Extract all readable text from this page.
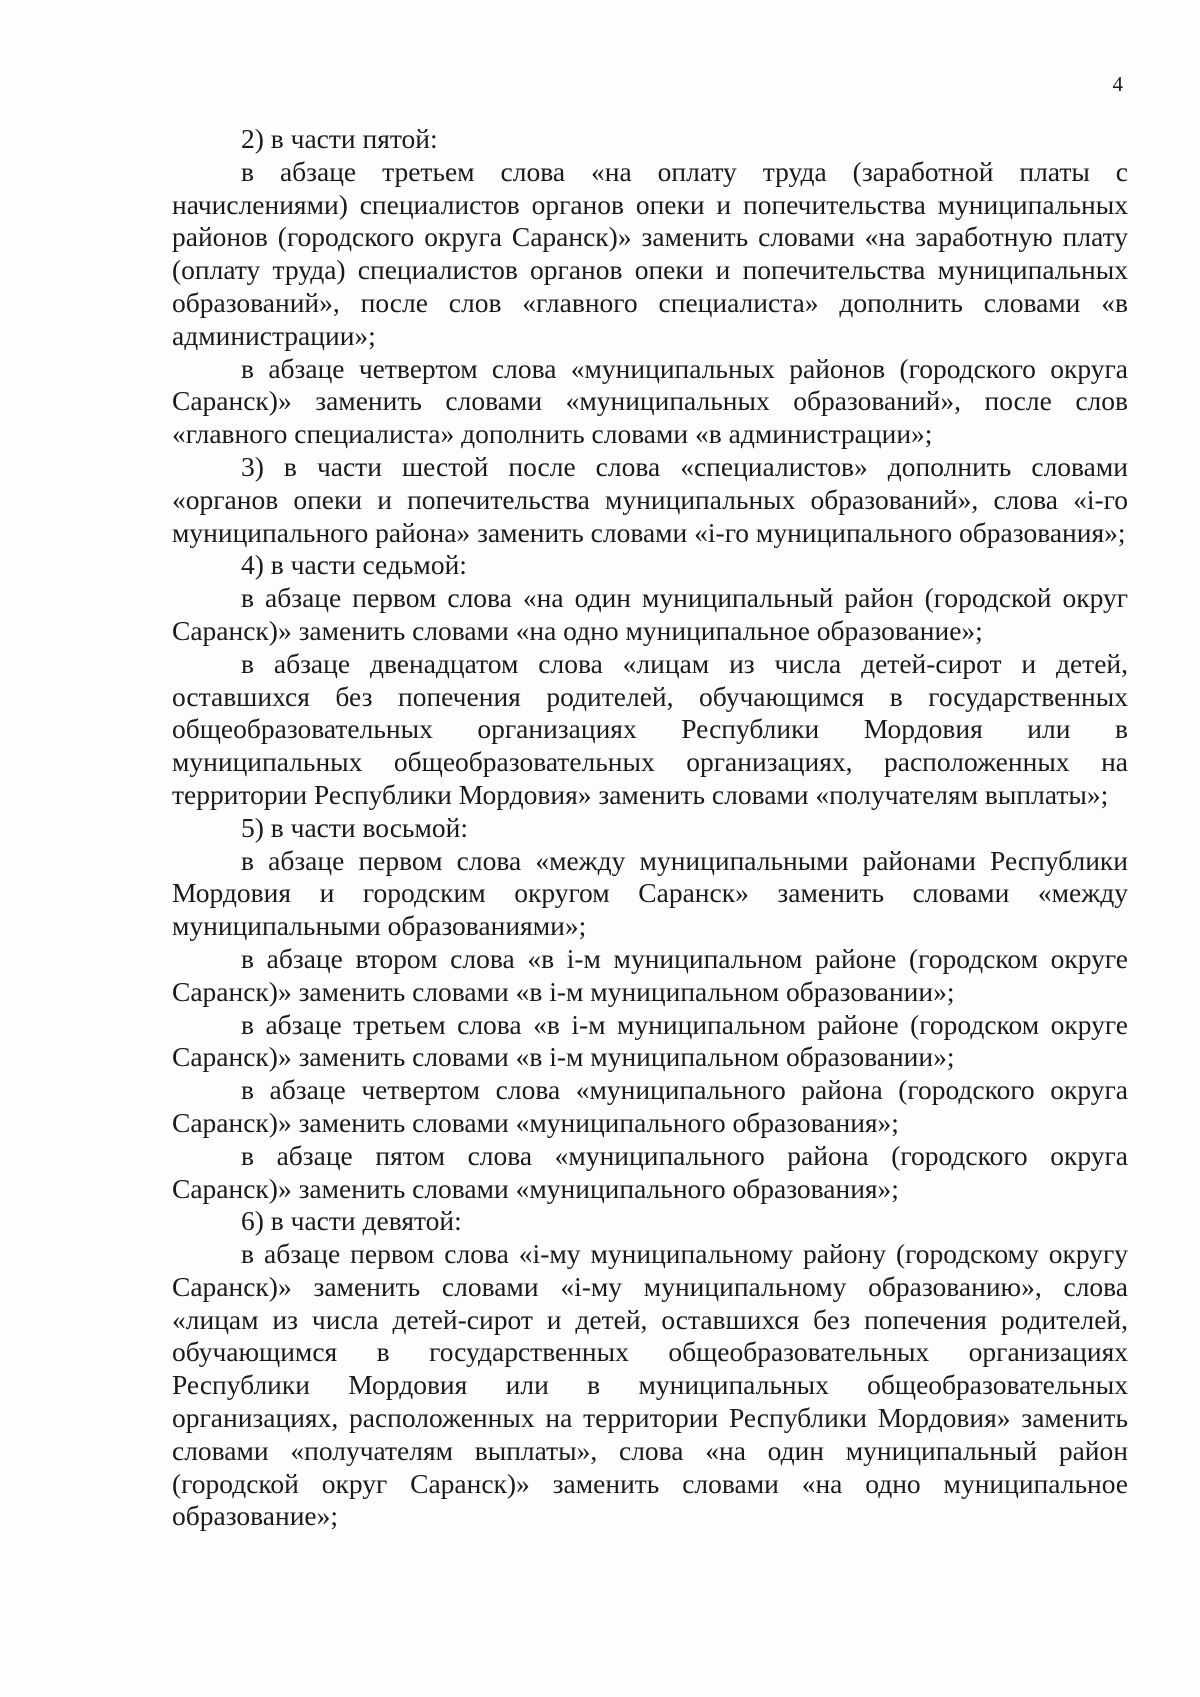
4

2) в части пятой:

в абзаце третьем слова «на оплату труда (заработной платы с начислениями) специалистов органов опеки и попечительства муниципальных районов (городского округа Саранск)» заменить словами «на заработную плату (оплату труда) специалистов органов опеки и попечительства муниципальных образований», после слов «главного специалиста» дополнить словами «в администрации»;

в абзаце четвертом слова «муниципальных районов (городского округа Саранск)» заменить словами «муниципальных образований», после слов «главного специалиста» дополнить словами «в администрации»;

3) в части шестой после слова «специалистов» дополнить словами «органов опеки и попечительства муниципальных образований», слова «i-го муниципального района» заменить словами «i-го муниципального образования»;

4) в части седьмой:

в абзаце первом слова «на один муниципальный район (городской округ Саранск)» заменить словами «на одно муниципальное образование»;

в абзаце двенадцатом слова «лицам из числа детей-сирот и детей, оставшихся без попечения родителей, обучающимся в государственных общеобразовательных организациях Республики Мордовия или в муниципальных общеобразовательных организациях, расположенных на территории Республики Мордовия» заменить словами «получателям выплаты»;

5) в части восьмой:

в абзаце первом слова «между муниципальными районами Республики Мордовия и городским округом Саранск» заменить словами «между муниципальными образованиями»;

в абзаце втором слова «в i-м муниципальном районе (городском округе Саранск)» заменить словами «в i-м муниципальном образовании»;

в абзаце третьем слова «в i-м муниципальном районе (городском округе Саранск)» заменить словами «в i-м муниципальном образовании»;

в абзаце четвертом слова «муниципального района (городского округа Саранск)» заменить словами «муниципального образования»;

в абзаце пятом слова «муниципального района (городского округа Саранск)» заменить словами «муниципального образования»;

6) в части девятой:

в абзаце первом слова «i-му муниципальному району (городскому округу Саранск)» заменить словами «i-му муниципальному образованию», слова «лицам из числа детей-сирот и детей, оставшихся без попечения родителей, обучающимся в государственных общеобразовательных организациях Республики Мордовия или в муниципальных общеобразовательных организациях, расположенных на территории Республики Мордовия» заменить словами «получателям выплаты», слова «на один муниципальный район (городской округ Саранск)» заменить словами «на одно муниципальное образование»;
